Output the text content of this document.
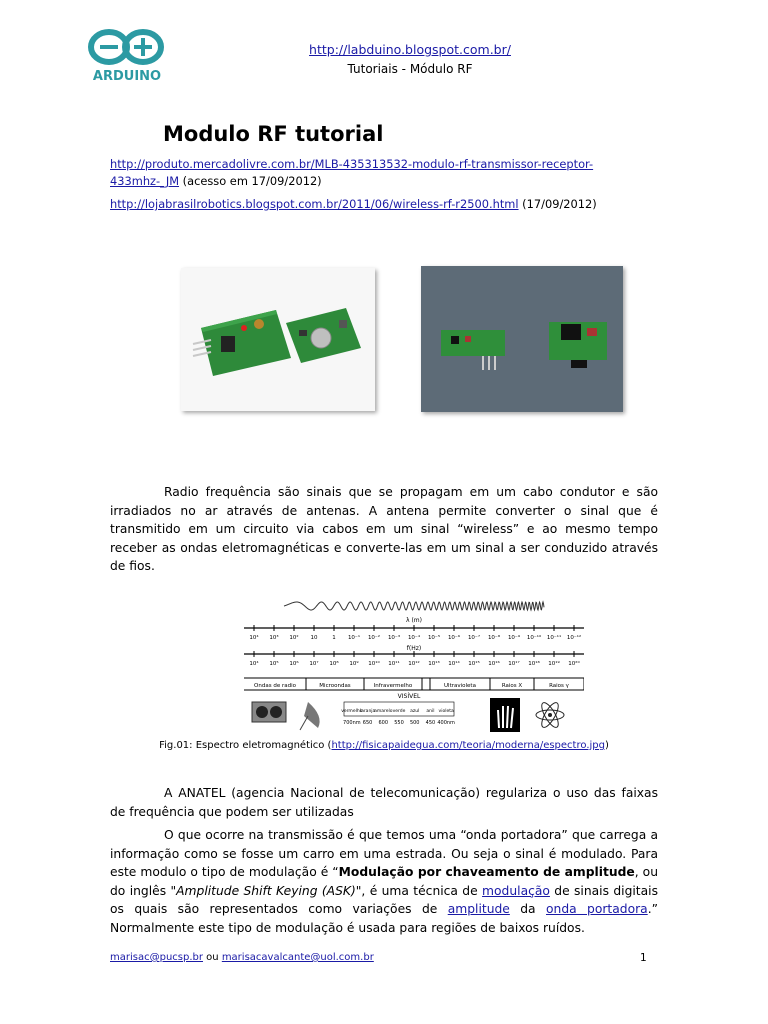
ARDUINO
http://labduino.blogspot.com.br/
Tutoriais - Módulo RF
Modulo RF tutorial

http://produto.mercadolivre.com.br/MLB-435313532-modulo-rf-transmissor-receptor-433mhz-_JM (acesso em 17/09/2012)

http://lojabrasilrobotics.blogspot.com.br/2011/06/wireless-rf-r2500.html (17/09/2012)

Radio frequência são sinais que se propagam em um cabo condutor e são irradiados no ar através de antenas. A antena permite converter o sinal que é transmitido em um circuito via cabos em um sinal “wireless” e ao mesmo tempo receber as ondas eletromagnéticas e converte-las em um sinal a ser conduzido através de fios.
λ (m)
10⁴ 10³ 10² 10	1 10⁻¹ 10⁻² 10⁻³ 10⁻⁴ 10⁻⁵ 10⁻⁶ 10⁻⁷ 10⁻⁸ 10⁻⁹ 10⁻¹⁰ 10⁻¹¹ 10⁻¹²
f(Hz)
10⁴ 10⁵ 10⁶ 10⁷ 10⁸ 10⁹ 10¹⁰ 10¹¹ 10¹² 10¹³ 10¹⁴ 10¹⁵ 10¹⁶ 10¹⁷ 10¹⁸ 10¹⁹ 10²⁰
Ondas de radio	Microondas	Infravermelho	Ultravioleta	Raios X	Raios γ
VISÍVEL
vermelho
laranja
amarelo verde azul anil violeta
700nm 650 600 550 500 450 400nm
Fig.01: Espectro eletromagnético (http://fisicapaidegua.com/teoria/moderna/espectro.jpg)
A ANATEL (agencia Nacional de telecomunicação) regulariza o uso das faixas de frequência que podem ser utilizadas
O que ocorre na transmissão é que temos uma “onda portadora” que carrega a informação como se fosse um carro em uma estrada. Ou seja o sinal é modulado. Para este modulo o tipo de modulação é “Modulação por chaveamento de amplitude, ou do inglês "Amplitude Shift Keying (ASK)", é uma técnica de modulação de sinais digitais os quais são representados como variações de amplitude da onda portadora.” Normalmente este tipo de modulação é usada para regiões de baixos ruídos.
marisac@pucsp.br ou marisacavalcante@uol.com.br	1
